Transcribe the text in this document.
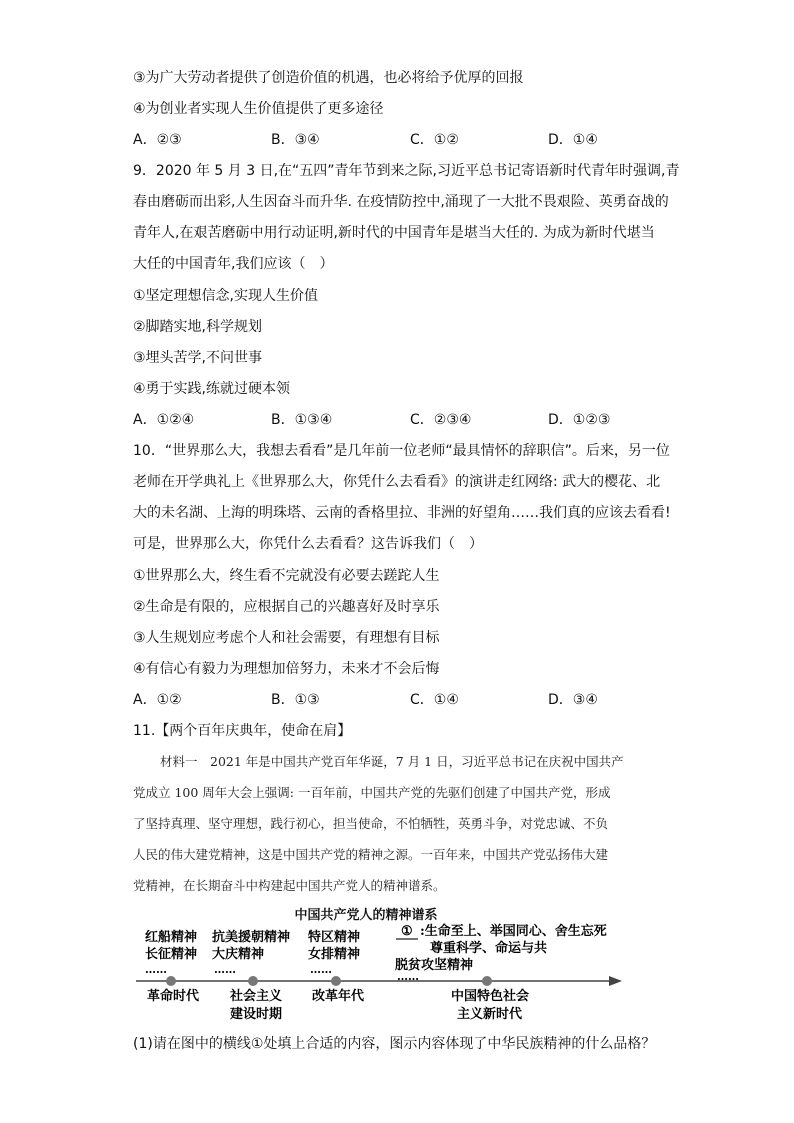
③为广大劳动者提供了创造价值的机遇，也必将给予优厚的回报
④为创业者实现人生价值提供了更多途径
A．②③	B．③④	C．①②	D．①④
9．2020 年 5 月 3 日,在“五四”青年节到来之际,习近平总书记寄语新时代青年时强调,青
春由磨砺而出彩,人生因奋斗而升华. 在疫情防控中,涌现了一大批不畏艰险、英勇奋战的
青年人,在艰苦磨砺中用行动证明,新时代的中国青年是堪当大任的. 为成为新时代堪当
大任的中国青年,我们应该（　）
①坚定理想信念,实现人生价值
②脚踏实地,科学规划
③埋头苦学,不问世事
④勇于实践,练就过硬本领
A．①②④	B．①③④	C．②③④	D．①②③
10．“世界那么大，我想去看看”是几年前一位老师“最具情怀的辞职信”。后来，另一位
老师在开学典礼上《世界那么大，你凭什么去看看》的演讲走红网络: 武大的樱花、北
大的未名湖、上海的明珠塔、云南的香格里拉、非洲的好望角……我们真的应该去看看!
可是，世界那么大，你凭什么去看看？这告诉我们（　）
①世界那么大，终生看不完就没有必要去蹉跎人生
②生命是有限的，应根据自己的兴趣喜好及时享乐
③人生规划应考虑个人和社会需要，有理想有目标
④有信心有毅力为理想加倍努力，未来才不会后悔
A．①②	B．①③	C．①④	D．③④
11.【两个百年庆典年，使命在肩】
材料一　2021 年是中国共产党百年华诞，7 月 1 日，习近平总书记在庆祝中国共产
党成立 100 周年大会上强调: 一百年前，中国共产党的先驱们创建了中国共产党，形成
了坚持真理、坚守理想，践行初心，担当使命，不怕牺牲，英勇斗争，对党忠诚、不负
人民的伟大建党精神，这是中国共产党的精神之源。一百年来，中国共产党弘扬伟大建
党精神，在长期奋斗中构建起中国共产党人的精神谱系。
中国共产党人的精神谱系
红船精神
长征精神
……
革命时代
抗美援朝精神
大庆精神
……
社会主义
建设时期
特区精神
女排精神
……
改革年代
① :生命至上、举国同心、舍生忘死
尊重科学、命运与共
脱贫攻坚精神
……
中国特色社会
主义新时代
(1)请在图中的横线①处填上合适的内容，图示内容体现了中华民族精神的什么品格？
